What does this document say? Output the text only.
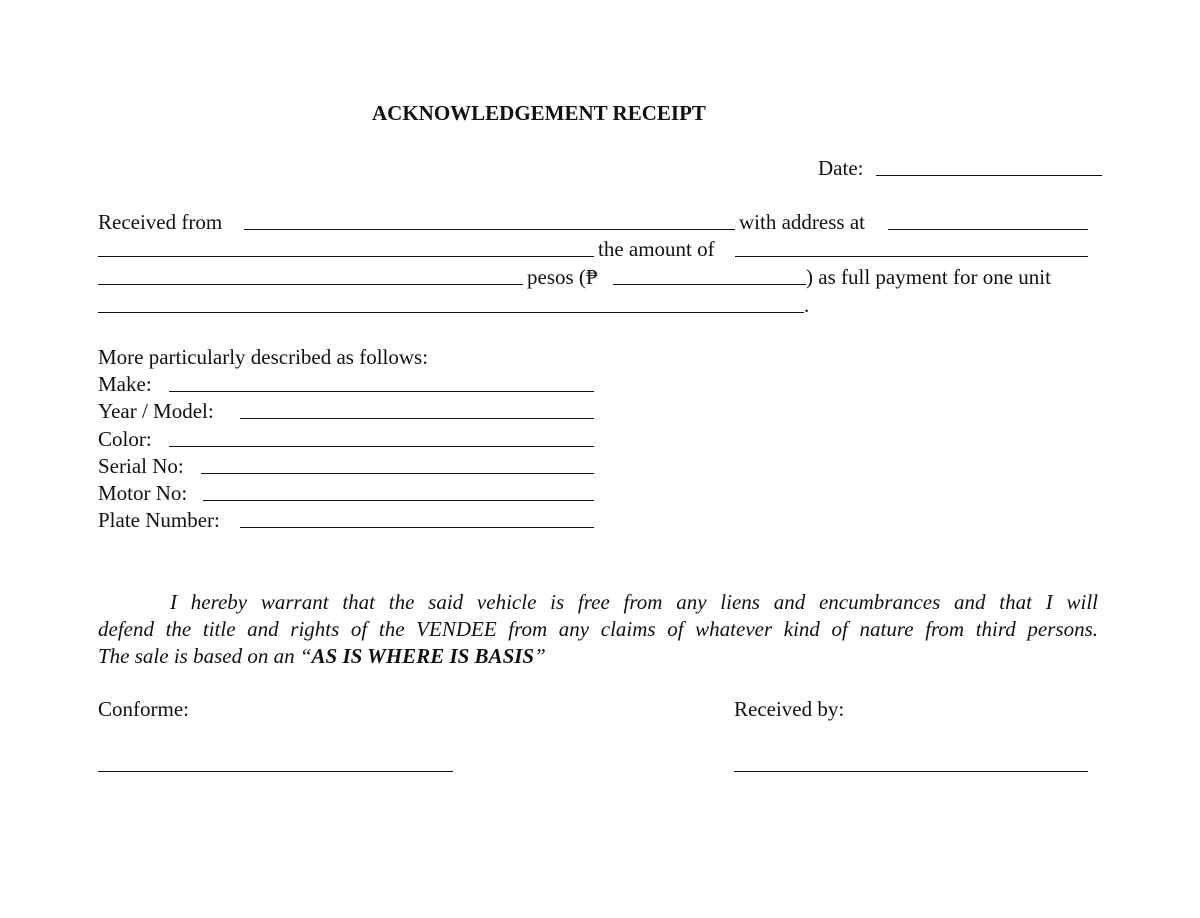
ACKNOWLEDGEMENT RECEIPT
Date:
Received from	with address at
the amount of
pesos (₱	) as full payment for one unit
.
More particularly described as follows:
Make:
Year / Model:
Color:
Serial No:
Motor No:
Plate Number:
I hereby warrant that the said vehicle is free from any liens and encumbrances and that I will
defend the title and rights of the VENDEE from any claims of whatever kind of nature from third persons.
The sale is based on an “AS IS WHERE IS BASIS”
Conforme:	Received by:
